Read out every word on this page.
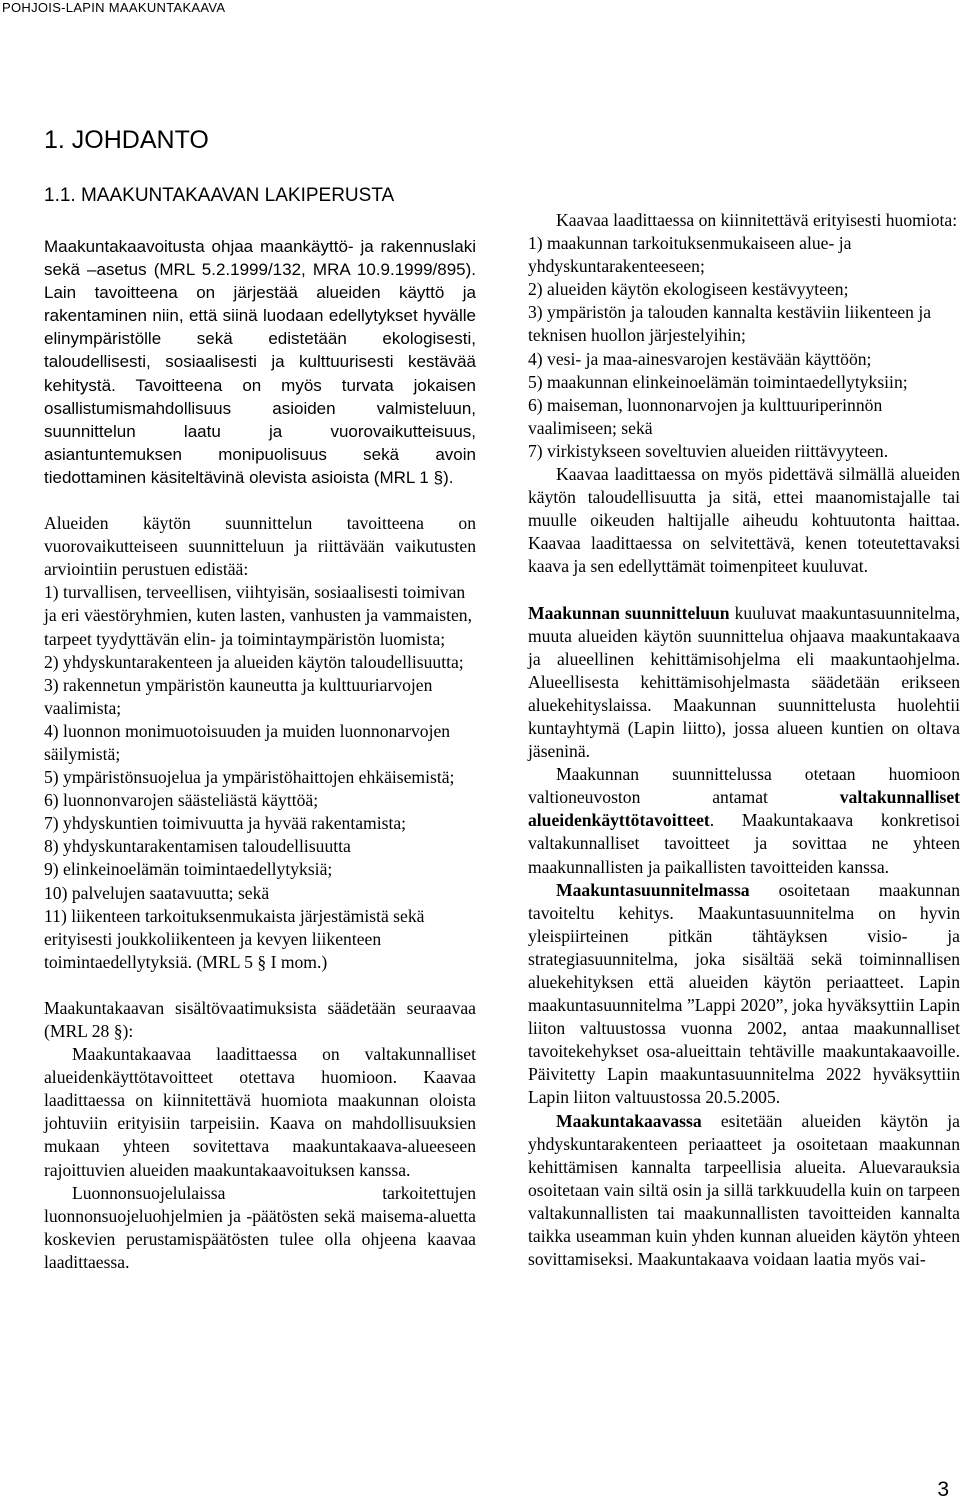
POHJOIS-LAPIN MAAKUNTAKAAVA
1. JOHDANTO
1.1. MAAKUNTAKAAVAN LAKIPERUSTA

Maakuntakaavoitusta ohjaa maankäyttö- ja rakennuslaki sekä –asetus (MRL 5.2.1999/132, MRA 10.9.1999/895). Lain tavoitteena on järjestää alueiden käyttö ja rakentaminen niin, että siinä luodaan edellytykset hyvälle elinympäristölle sekä edistetään ekologisesti, taloudellisesti, sosiaalisesti ja kulttuurisesti kestävää kehitystä. Tavoitteena on myös turvata jokaisen osallistumismahdollisuus asioiden valmisteluun, suunnittelun laatu ja vuorovaikutteisuus, asiantuntemuksen monipuolisuus sekä avoin tiedottaminen käsiteltävinä olevista asioista (MRL 1 §).

Alueiden käytön suunnittelun tavoitteena on vuorovaikutteiseen suunnitteluun ja riittävään vaikutusten arviointiin perustuen edistää:

1) turvallisen, terveellisen, viihtyisän, sosiaalisesti toimivan ja eri väestöryhmien, kuten lasten, vanhusten ja vammaisten, tarpeet tyydyttävän elin- ja toimintaympäristön luomista;
2) yhdyskuntarakenteen ja alueiden käytön taloudellisuutta;
3) rakennetun ympäristön kauneutta ja kulttuuriarvojen vaalimista;
4) luonnon monimuotoisuuden ja muiden luonnonarvojen säilymistä;
5) ympäristönsuojelua ja ympäristöhaittojen ehkäisemistä;
6) luonnonvarojen säästeliästä käyttöä;
7) yhdyskuntien toimivuutta ja hyvää rakentamista;
8) yhdyskuntarakentamisen taloudellisuutta
9) elinkeinoelämän toimintaedellytyksiä;
10) palvelujen saatavuutta; sekä
11) liikenteen tarkoituksenmukaista järjestämistä sekä erityisesti joukkoliikenteen ja kevyen liikenteen toimintaedellytyksiä. (MRL 5 § I mom.)

Maakuntakaavan sisältövaatimuksista säädetään seuraavaa (MRL 28 §):

Maakuntakaavaa laadittaessa on valtakunnalliset alueidenkäyttötavoitteet otettava huomioon. Kaavaa laadittaessa on kiinnitettävä huomiota maakunnan oloista johtuviin erityisiin tarpeisiin. Kaava on mahdollisuuksien mukaan yhteen sovitettava maakuntakaava-alueeseen rajoittuvien alueiden maakuntakaavoituksen kanssa.

Luonnonsuojelulaissa tarkoitettujen luonnonsuojeluohjelmien ja -päätösten sekä maisema-aluetta koskevien perustamispäätösten tulee olla ohjeena kaavaa laadittaessa.

Kaavaa laadittaessa on kiinnitettävä erityisesti huomiota:

1) maakunnan tarkoituksenmukaiseen alue- ja yhdyskuntarakenteeseen;
2) alueiden käytön ekologiseen kestävyyteen;
3) ympäristön ja talouden kannalta kestäviin liikenteen ja teknisen huollon järjestelyihin;
4) vesi- ja maa-ainesvarojen kestävään käyttöön;
5) maakunnan elinkeinoelämän toimintaedellytyksiin;
6) maiseman, luonnonarvojen ja kulttuuriperinnön vaalimiseen; sekä
7) virkistykseen soveltuvien alueiden riittävyyteen.

Kaavaa laadittaessa on myös pidettävä silmällä alueiden käytön taloudellisuutta ja sitä, ettei maanomistajalle tai muulle oikeuden haltijalle aiheudu kohtuutonta haittaa. Kaavaa laadittaessa on selvitettävä, kenen toteutettavaksi kaava ja sen edellyttämät toimenpiteet kuuluvat.

Maakunnan suunnitteluun kuuluvat maakuntasuunnitelma, muuta alueiden käytön suunnittelua ohjaava maakuntakaava ja alueellinen kehittämisohjelma eli maakuntaohjelma. Alueellisesta kehittämisohjelmasta säädetään erikseen aluekehityslaissa. Maakunnan suunnittelusta huolehtii kuntayhtymä (Lapin liitto), jossa alueen kuntien on oltava jäseninä.

Maakunnan suunnittelussa otetaan huomioon valtioneuvoston antamat valtakunnalliset alueidenkäyttötavoitteet. Maakuntakaava konkretisoi valtakunnalliset tavoitteet ja sovittaa ne yhteen maakunnallisten ja paikallisten tavoitteiden kanssa.

Maakuntasuunnitelmassa osoitetaan maakunnan tavoiteltu kehitys. Maakuntasuunnitelma on hyvin yleispiirteinen pitkän tähtäyksen visio- ja strategiasuunnitelma, joka sisältää sekä toiminnallisen aluekehityksen että alueiden käytön periaatteet. Lapin maakuntasuunnitelma ”Lappi 2020”, joka hyväksyttiin Lapin liiton valtuustossa vuonna 2002, antaa maakunnalliset tavoitekehykset osa-alueittain tehtäville maakuntakaavoille. Päivitetty Lapin maakuntasuunnitelma 2022 hyväksyttiin Lapin liiton valtuustossa 20.5.2005.

Maakuntakaavassa esitetään alueiden käytön ja yhdyskuntarakenteen periaatteet ja osoitetaan maakunnan kehittämisen kannalta tarpeellisia alueita. Aluevarauksia osoitetaan vain siltä osin ja sillä tarkkuudella kuin on tarpeen valtakunnallisten tai maakunnallisten tavoitteiden kannalta taikka useamman kuin yhden kunnan alueiden käytön yhteen sovittamiseksi. Maakuntakaava voidaan laatia myös vai-

3
